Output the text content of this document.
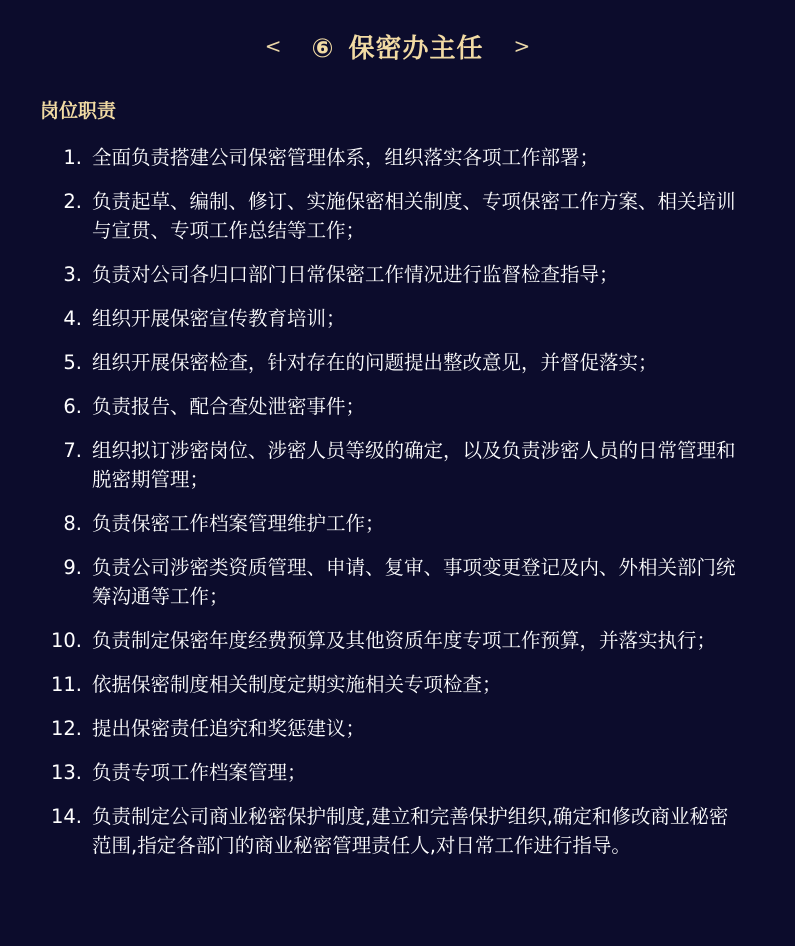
< ⑥ 保密办主任 >
岗位职责
1. 全面负责搭建公司保密管理体系，组织落实各项工作部署；
2. 负责起草、编制、修订、实施保密相关制度、专项保密工作方案、相关培训与宣贯、专项工作总结等工作；
3. 负责对公司各归口部门日常保密工作情况进行监督检查指导；
4. 组织开展保密宣传教育培训；
5. 组织开展保密检查，针对存在的问题提出整改意见，并督促落实；
6. 负责报告、配合查处泄密事件；
7. 组织拟订涉密岗位、涉密人员等级的确定，以及负责涉密人员的日常管理和脱密期管理；
8. 负责保密工作档案管理维护工作；
9. 负责公司涉密类资质管理、申请、复审、事项变更登记及内、外相关部门统筹沟通等工作；
10. 负责制定保密年度经费预算及其他资质年度专项工作预算，并落实执行；
11. 依据保密制度相关制度定期实施相关专项检查；
12. 提出保密责任追究和奖惩建议；
13. 负责专项工作档案管理；
14. 负责制定公司商业秘密保护制度,建立和完善保护组织,确定和修改商业秘密范围,指定各部门的商业秘密管理责任人,对日常工作进行指导。
